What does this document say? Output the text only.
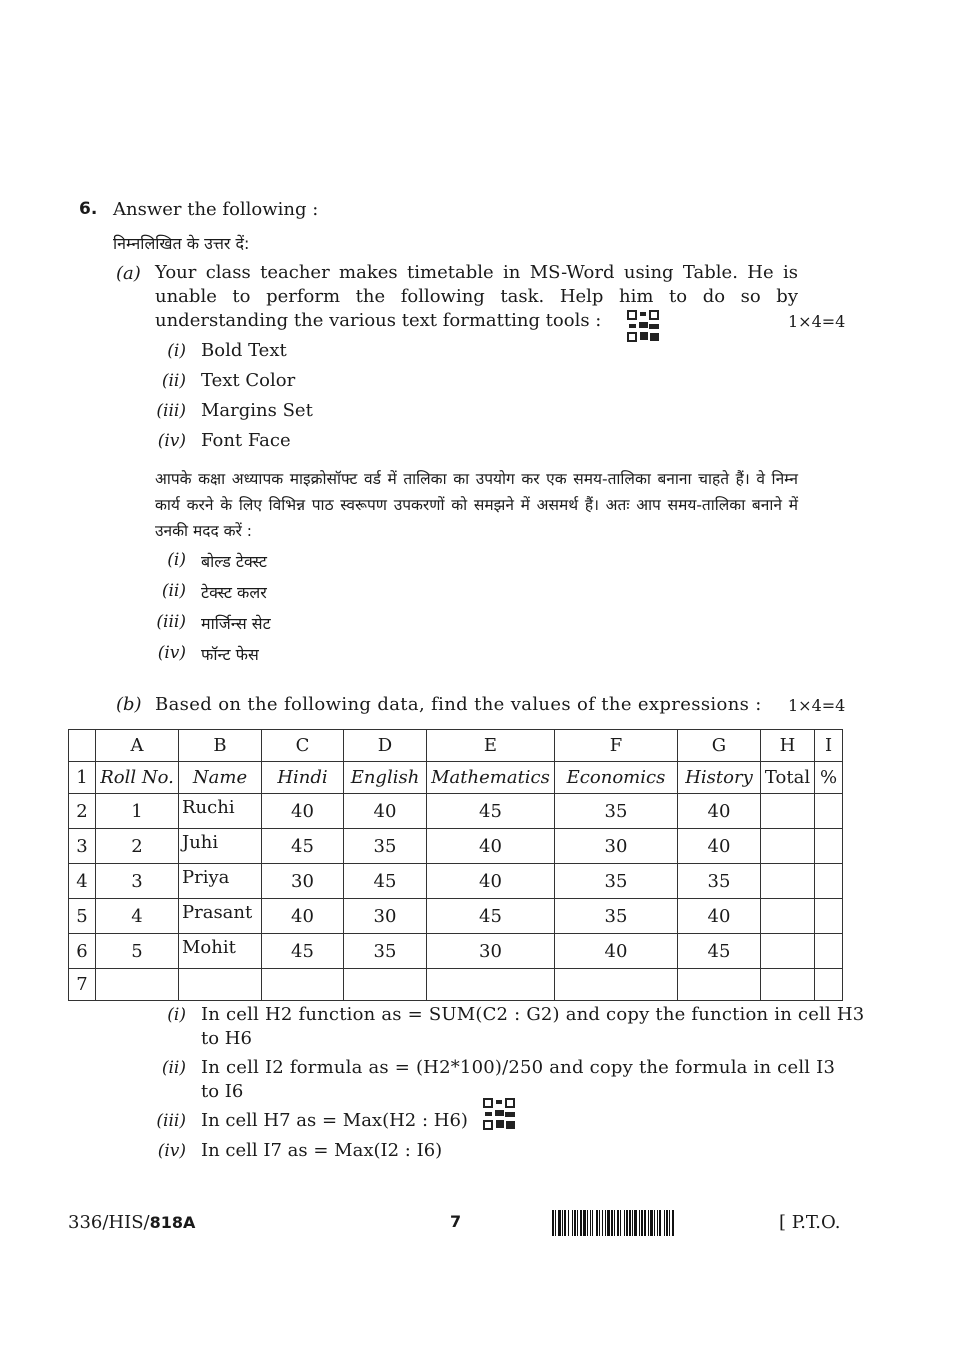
6. Answer the following :
निम्नलिखित के उत्तर दें:
(a) Your class teacher makes timetable in MS-Word using Table. He is unable to perform the following task. Help him to do so by understanding the various text formatting tools :	1×4=4
(i) Bold Text
(ii) Text Color
(iii) Margins Set
(iv) Font Face
आपके कक्षा अध्यापक माइक्रोसॉफ्ट वर्ड में तालिका का उपयोग कर एक समय-तालिका बनाना चाहते हैं। वे निम्न कार्य करने के लिए विभिन्न पाठ स्वरूपण उपकरणों को समझने में असमर्थ हैं। अतः आप समय-तालिका बनाने में उनकी मदद करें :
(i) बोल्ड टेक्स्ट
(ii) टेक्स्ट कलर
(iii) मार्जिन्स सेट
(iv) फॉन्ट फेस
(b) Based on the following data, find the values of the expressions : 1×4=4
	A	B	C	D	E	F	G	H	I
1	Roll No.	Name	Hindi	English	Mathematics	Economics	History	Total	%
2	1	Ruchi	40	40	45	35	40		
3	2	Juhi	45	35	40	30	40		
4	3	Priya	30	45	40	35	35		
5	4	Prasant	40	30	45	35	40		
6	5	Mohit	45	35	30	40	45		
7									
(i) In cell H2 function as = SUM(C2 : G2) and copy the function in cell H3
to H6
(ii) In cell I2 formula as = (H2*100)/250 and copy the formula in cell I3
to I6
(iii) In cell H7 as = Max(H2 : H6)
(iv) In cell I7 as = Max(I2 : I6)
336/HIS/818A	7	[ P.T.O.
